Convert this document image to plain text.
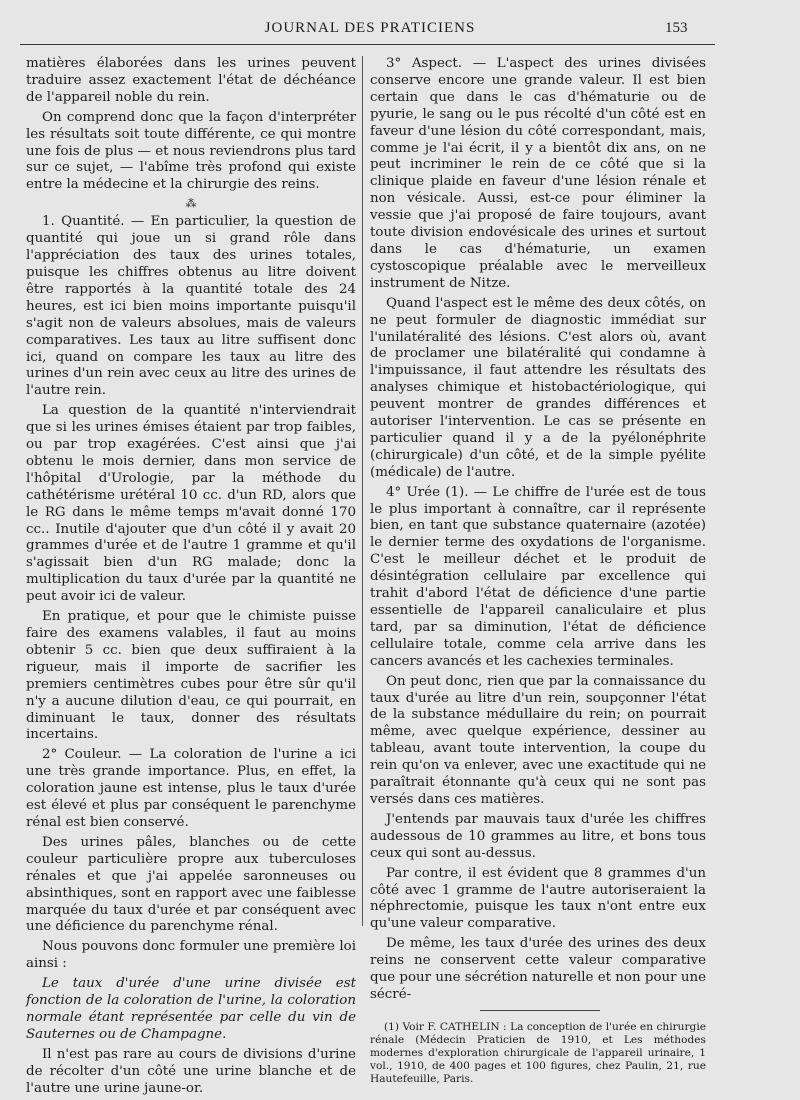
JOURNAL DES PRATICIENS	153

matières élaborées dans les urines peuvent traduire assez exactement l'état de déchéance de l'appareil noble du rein.

On comprend donc que la façon d'interpréter les résultats soit toute différente, ce qui montre une fois de plus — et nous reviendrons plus tard sur ce sujet, — l'abîme très profond qui existe entre la médecine et la chirurgie des reins.

⁂

1. Quantité. — En particulier, la question de quantité qui joue un si grand rôle dans l'appréciation des taux des urines totales, puisque les chiffres obtenus au litre doivent être rapportés à la quantité totale des 24 heures, est ici bien moins importante puisqu'il s'agit non de valeurs absolues, mais de valeurs comparatives. Les taux au litre suffisent donc ici, quand on compare les taux au litre des urines d'un rein avec ceux au litre des urines de l'autre rein.

La question de la quantité n'interviendrait que si les urines émises étaient par trop faibles, ou par trop exagérées. C'est ainsi que j'ai obtenu le mois dernier, dans mon service de l'hôpital d'Urologie, par la méthode du cathétérisme urétéral 10 cc. d'un RD, alors que le RG dans le même temps m'avait donné 170 cc.. Inutile d'ajouter que d'un côté il y avait 20 grammes d'urée et de l'autre 1 gramme et qu'il s'agissait bien d'un RG malade; donc la multiplication du taux d'urée par la quantité ne peut avoir ici de valeur.

En pratique, et pour que le chimiste puisse faire des examens valables, il faut au moins obtenir 5 cc. bien que deux suffiraient à la rigueur, mais il importe de sacrifier les premiers centimètres cubes pour être sûr qu'il n'y a aucune dilution d'eau, ce qui pourrait, en diminuant le taux, donner des résultats incertains.

2° Couleur. — La coloration de l'urine a ici une très grande importance. Plus, en effet, la coloration jaune est intense, plus le taux d'urée est élevé et plus par conséquent le parenchyme rénal est bien conservé.

Des urines pâles, blanches ou de cette couleur particulière propre aux tuberculoses rénales et que j'ai appelée saronneuses ou absinthiques, sont en rapport avec une faiblesse marquée du taux d'urée et par conséquent avec une déficience du parenchyme rénal.

Nous pouvons donc formuler une première loi ainsi :

Le taux d'urée d'une urine divisée est fonction de la coloration de l'urine, la coloration normale étant représentée par celle du vin de Sauternes ou de Champagne.

Il n'est pas rare au cours de divisions d'urine de récolter d'un côté une urine blanche et de l'autre une urine jaune-or.

3° Aspect. — L'aspect des urines divisées conserve encore une grande valeur. Il est bien certain que dans le cas d'hématurie ou de pyurie, le sang ou le pus récolté d'un côté est en faveur d'une lésion du côté correspondant, mais, comme je l'ai écrit, il y a bientôt dix ans, on ne peut incriminer le rein de ce côté que si la clinique plaide en faveur d'une lésion rénale et non vésicale. Aussi, est-ce pour éliminer la vessie que j'ai proposé de faire toujours, avant toute division endovésicale des urines et surtout dans le cas d'hématurie, un examen cystoscopique préalable avec le merveilleux instrument de Nitze.

Quand l'aspect est le même des deux côtés, on ne peut formuler de diagnostic immédiat sur l'unilatéralité des lésions. C'est alors où, avant de proclamer une bilatéralité qui condamne à l'impuissance, il faut attendre les résultats des analyses chimique et histobactériologique, qui peuvent montrer de grandes différences et autoriser l'intervention. Le cas se présente en particulier quand il y a de la pyélonéphrite (chirurgicale) d'un côté, et de la simple pyélite (médicale) de l'autre.

4° Urée (1). — Le chiffre de l'urée est de tous le plus important à connaître, car il représente bien, en tant que substance quaternaire (azotée) le dernier terme des oxydations de l'organisme. C'est le meilleur déchet et le produit de désintégration cellulaire par excellence qui trahit d'abord l'état de déficience d'une partie essentielle de l'appareil canaliculaire et plus tard, par sa diminution, l'état de déficience cellulaire totale, comme cela arrive dans les cancers avancés et les cachexies terminales.

On peut donc, rien que par la connaissance du taux d'urée au litre d'un rein, soupçonner l'état de la substance médullaire du rein; on pourrait même, avec quelque expérience, dessiner au tableau, avant toute intervention, la coupe du rein qu'on va enlever, avec une exactitude qui ne paraîtrait étonnante qu'à ceux qui ne sont pas versés dans ces matières.

J'entends par mauvais taux d'urée les chiffres audessous de 10 grammes au litre, et bons tous ceux qui sont au-dessus.

Par contre, il est évident que 8 grammes d'un côté avec 1 gramme de l'autre autoriseraient la néphrectomie, puisque les taux n'ont entre eux qu'une valeur comparative.

De même, les taux d'urée des urines des deux reins ne conservent cette valeur comparative que pour une sécrétion naturelle et non pour une sécré-

(1) Voir F. CATHELIN : La conception de l'urée en chirurgie rénale (Médecin Praticien de 1910, et Les méthodes modernes d'exploration chirurgicale de l'appareil urinaire, 1 vol., 1910, de 400 pages et 100 figures, chez Paulin, 21, rue Hautefeuille, Paris.
